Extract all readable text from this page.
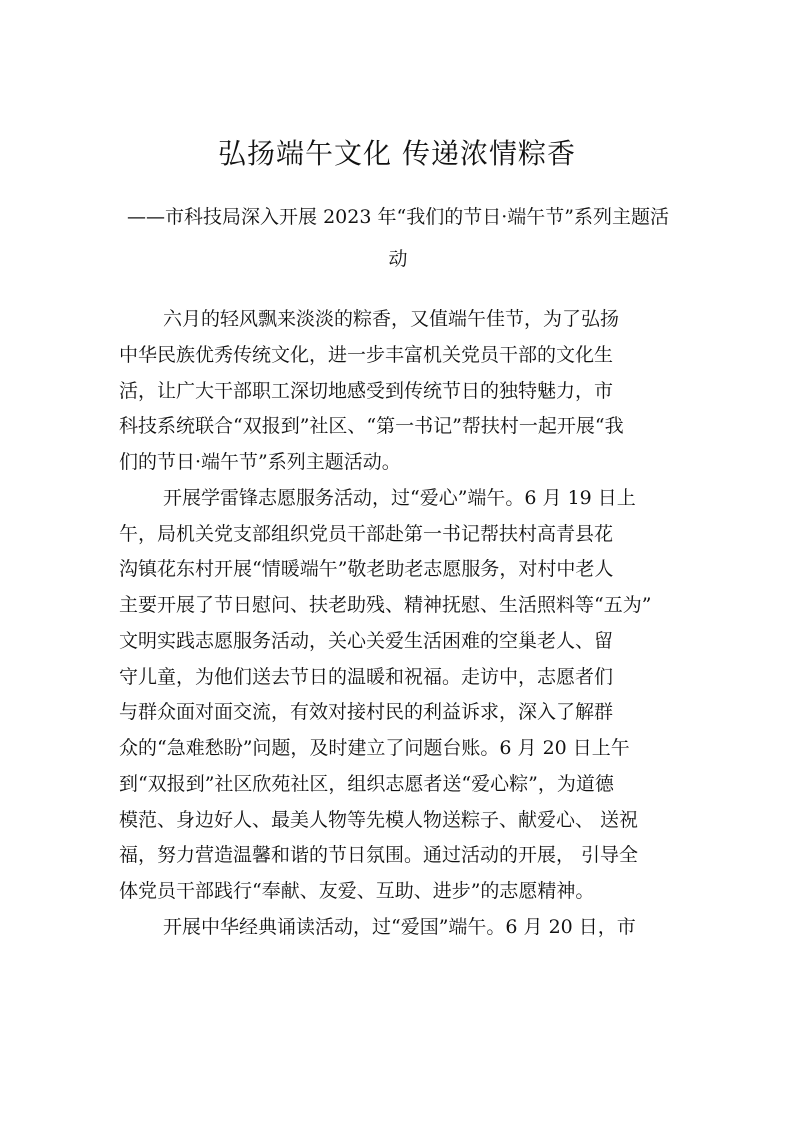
弘扬端午文化 传递浓情粽香

——市科技局深入开展 2023 年“我们的节日·端午节”系列主题活动

六月的轻风飘来淡淡的粽香，又值端午佳节，为了弘扬
中华民族优秀传统文化，进一步丰富机关党员干部的文化生
活，让广大干部职工深切地感受到传统节日的独特魅力，市
科技系统联合“双报到”社区、“第一书记”帮扶村一起开展“我
们的节日·端午节”系列主题活动。
开展学雷锋志愿服务活动，过“爱心”端午。6 月 19 日上
午，局机关党支部组织党员干部赴第一书记帮扶村高青县花
沟镇花东村开展“情暖端午”敬老助老志愿服务，对村中老人
主要开展了节日慰问、扶老助残、精神抚慰、生活照料等“五为”
文明实践志愿服务活动，关心关爱生活困难的空巢老人、留
守儿童，为他们送去节日的温暖和祝福。走访中，志愿者们
与群众面对面交流，有效对接村民的利益诉求，深入了解群
众的“急难愁盼”问题，及时建立了问题台账。6 月 20 日上午
到“双报到”社区欣苑社区，组织志愿者送“爱心粽”，为道德
模范、身边好人、最美人物等先模人物送粽子、献爱心、 送祝
福，努力营造温馨和谐的节日氛围。通过活动的开展， 引导全
体党员干部践行“奉献、友爱、互助、进步”的志愿精神。
开展中华经典诵读活动，过“爱国”端午。6 月 20 日，市
